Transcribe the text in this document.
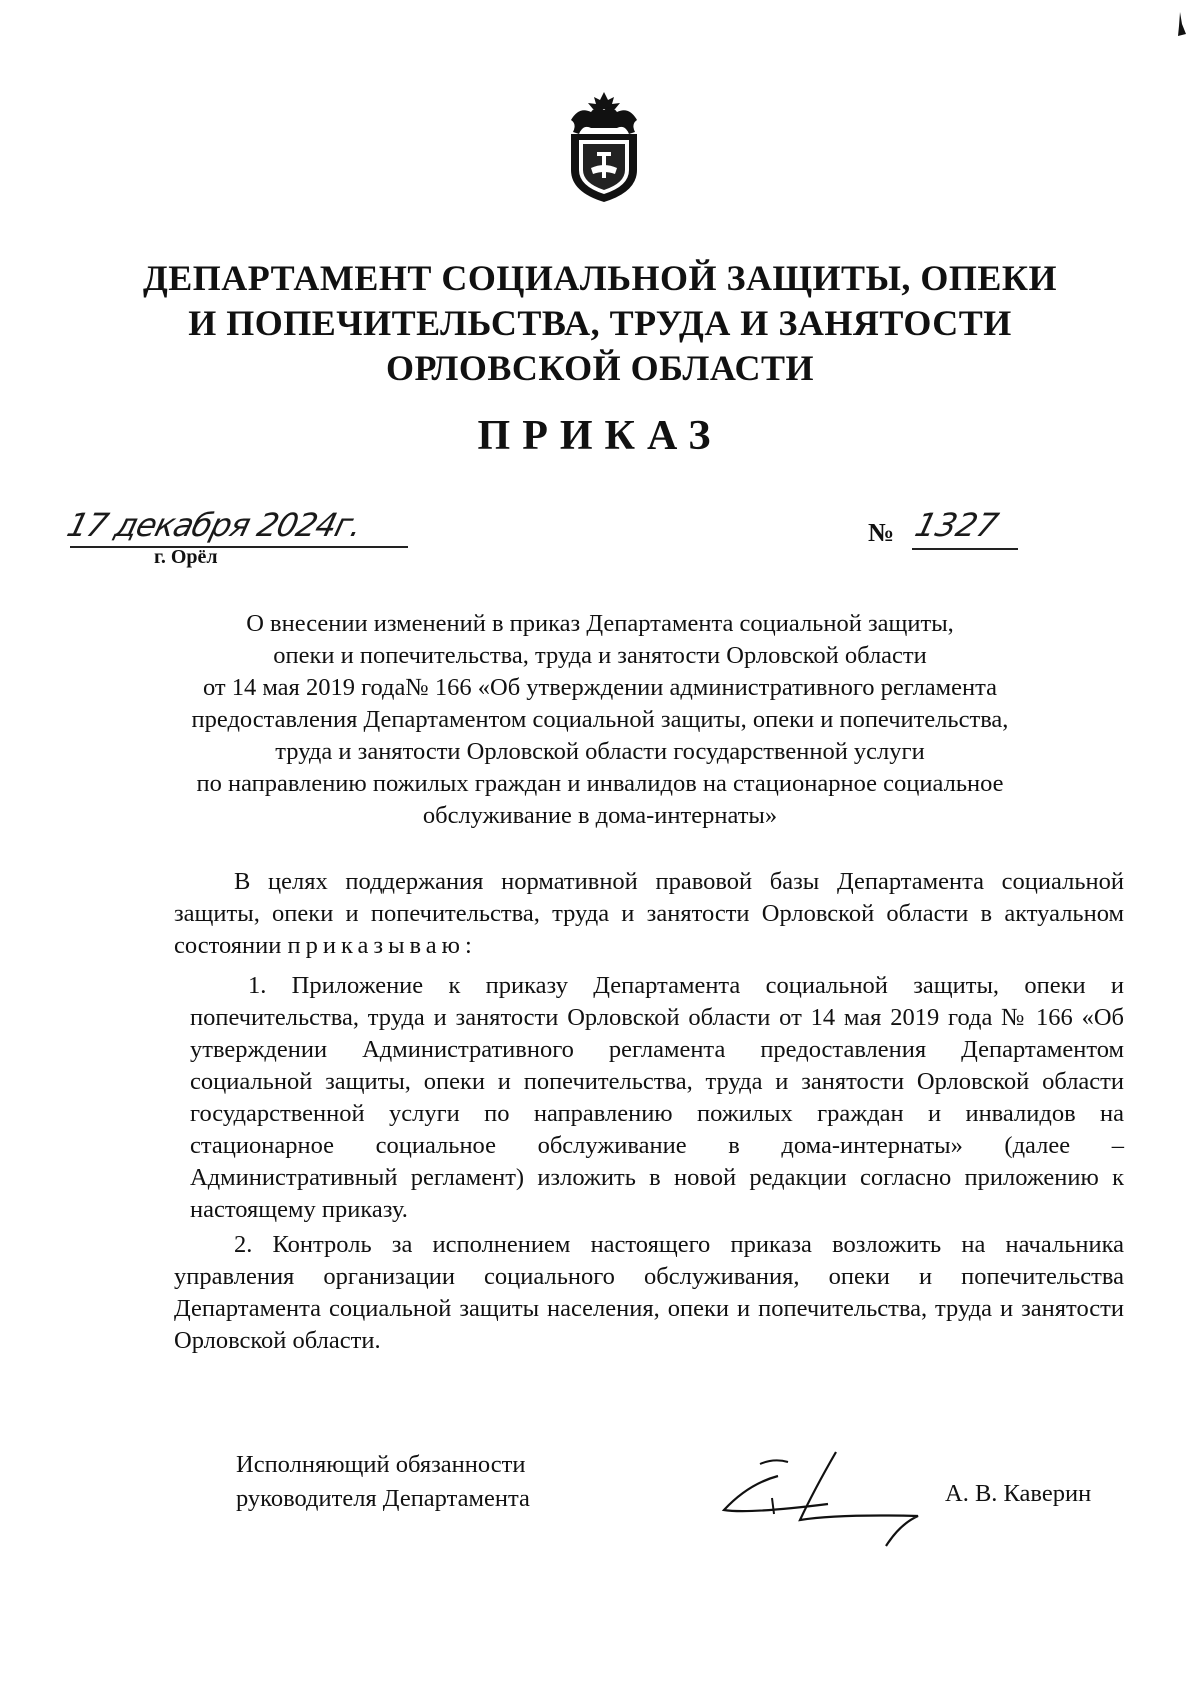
ДЕПАРТАМЕНТ СОЦИАЛЬНОЙ ЗАЩИТЫ, ОПЕКИ
И ПОПЕЧИТЕЛЬСТВА, ТРУДА И ЗАНЯТОСТИ
ОРЛОВСКОЙ ОБЛАСТИ
ПРИКАЗ
17 декабря 2024г.
г. Орёл
№ 1327
О внесении изменений в приказ Департамента социальной защиты,
опеки и попечительства, труда и занятости Орловской области
от 14 мая 2019 года№ 166 «Об утверждении административного регламента
предоставления Департаментом социальной защиты, опеки и попечительства,
труда и занятости Орловской области государственной услуги
по направлению пожилых граждан и инвалидов на стационарное социальное
обслуживание в дома-интернаты»
В целях поддержания нормативной правовой базы Департамента социальной защиты, опеки и попечительства, труда и занятости Орловской области в актуальном состоянии приказываю:
1. Приложение к приказу Департамента социальной защиты, опеки и попечительства, труда и занятости Орловской области от 14 мая 2019 года № 166 «Об утверждении Административного регламента предоставления Департаментом социальной защиты, опеки и попечительства, труда и занятости Орловской области государственной услуги по направлению пожилых граждан и инвалидов на стационарное социальное обслуживание в дома-интернаты» (далее – Административный регламент) изложить в новой редакции согласно приложению к настоящему приказу.
2. Контроль за исполнением настоящего приказа возложить на начальника управления организации социального обслуживания, опеки и попечительства Департамента социальной защиты населения, опеки и попечительства, труда и занятости Орловской области.
Исполняющий обязанности
руководителя Департамента	А. В. Каверин
